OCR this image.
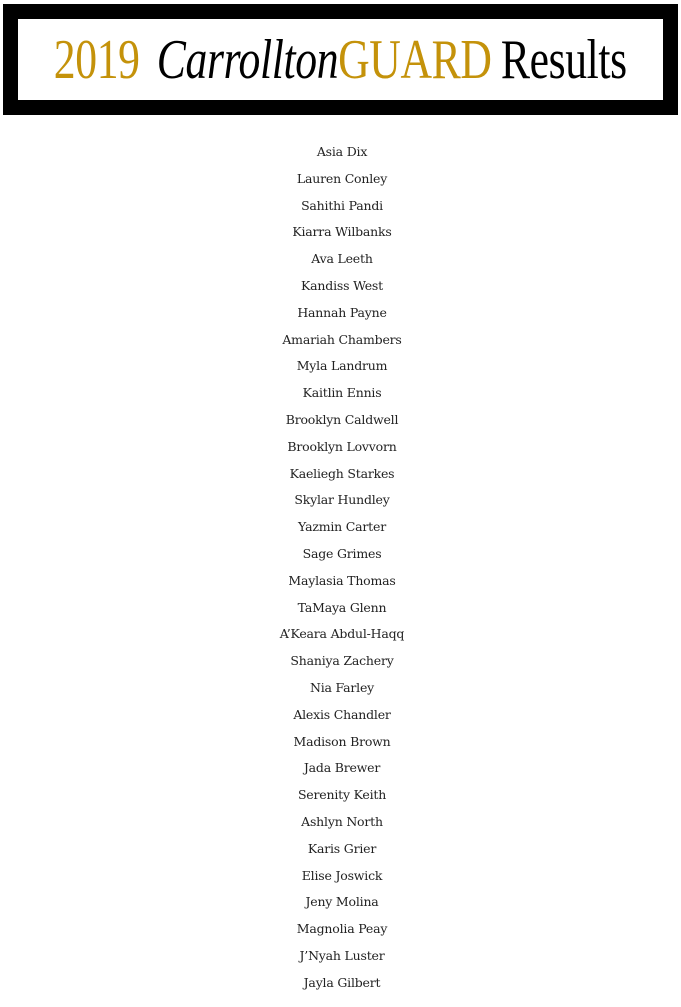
2019 CarrolltonGUARD Results
Asia Dix
Lauren Conley
Sahithi Pandi
Kiarra Wilbanks
Ava Leeth
Kandiss West
Hannah Payne
Amariah Chambers
Myla Landrum
Kaitlin Ennis
Brooklyn Caldwell
Brooklyn Lovvorn
Kaeliegh Starkes
Skylar Hundley
Yazmin Carter
Sage Grimes
Maylasia Thomas
TaMaya Glenn
A’Keara Abdul-Haqq
Shaniya Zachery
Nia Farley
Alexis Chandler
Madison Brown
Jada Brewer
Serenity Keith
Ashlyn North
Karis Grier
Elise Joswick
Jeny Molina
Magnolia Peay
J’Nyah Luster
Jayla Gilbert
